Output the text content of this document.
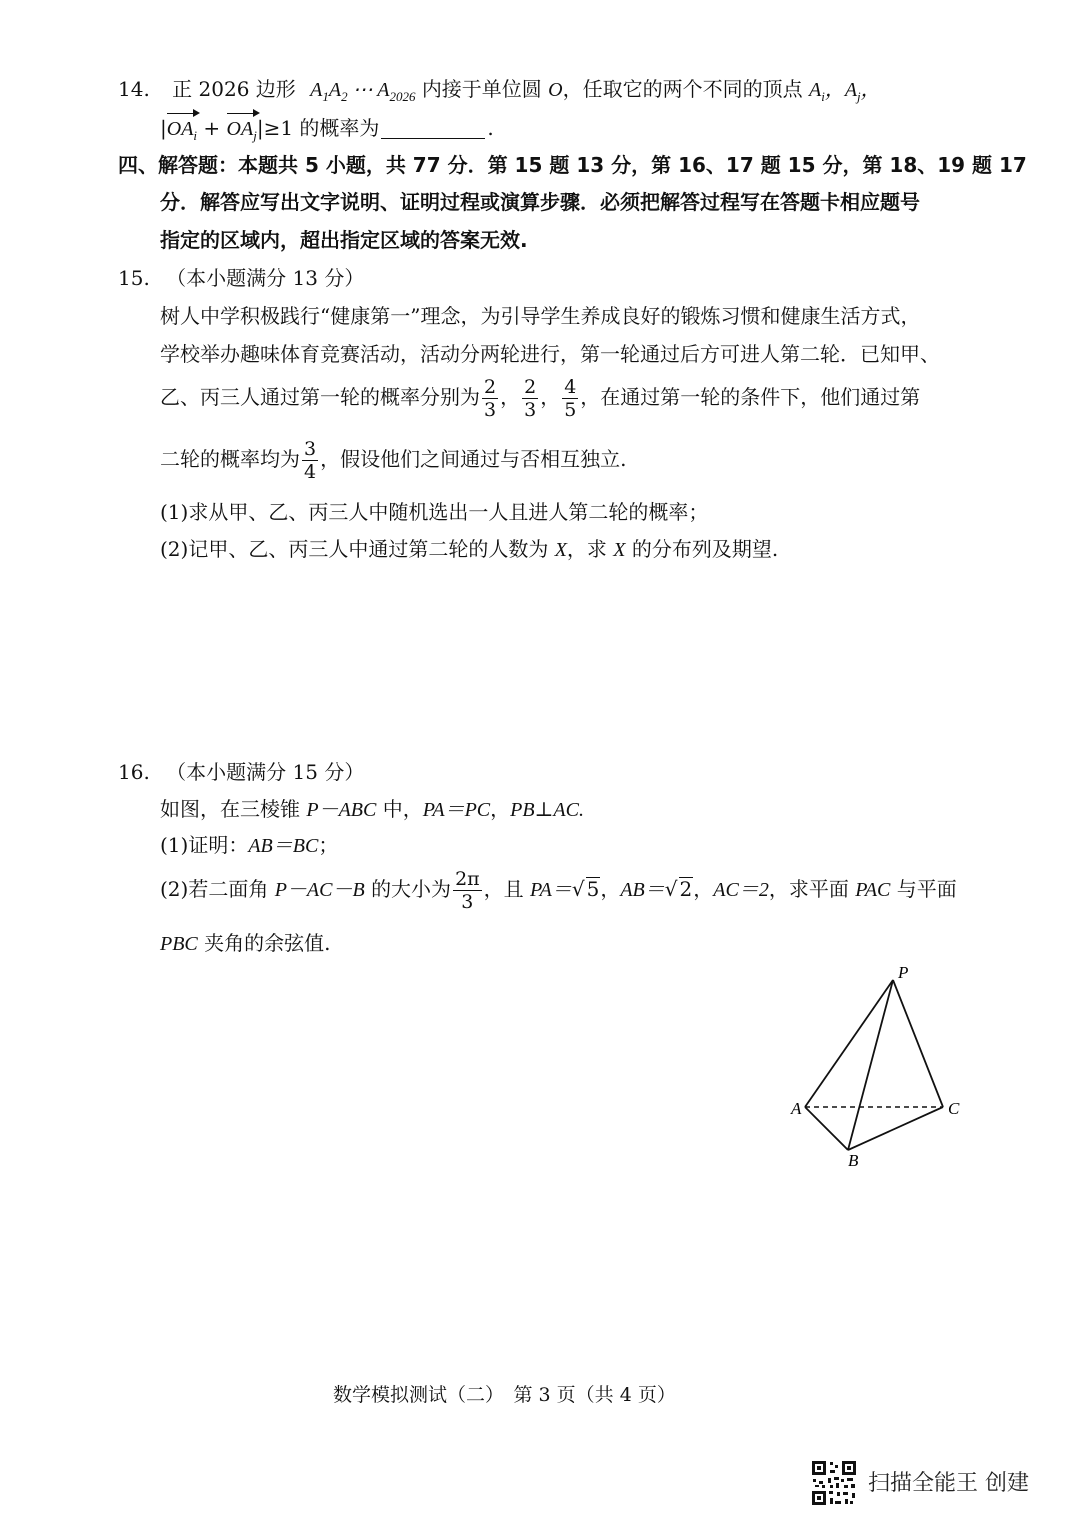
14. 正 2026 边形 $A_1A_2$ ⋯ $A_{2026}$ 内接于单位圆 O，任取它的两个不同的顶点 $A_i$，$A_j$，
$|OA_i + OA_j|\ge 1$ 的概率为	.
四、解答题：本题共 5 小题，共 77 分．第 15 题 13 分，第 16、17 题 15 分，第 18、19 题 17
分．解答应写出文字说明、证明过程或演算步骤．必须把解答过程写在答题卡相应题号
指定的区域内，超出指定区域的答案无效.
15. （本小题满分 13 分）
树人中学积极践行“健康第一”理念，为引导学生养成良好的锻炼习惯和健康生活方式，
学校举办趣味体育竞赛活动，活动分两轮进行，第一轮通过后方可进人第二轮．已知甲、
乙、丙三人通过第一轮的概率分别为 $\frac{2}{3}$ ， $\frac{2}{3}$ ， $\frac{4}{5}$ ，在通过第一轮的条件下，他们通过第
二轮的概率均为 $\frac{3}{4}$ ，假设他们之间通过与否相互独立.
(1)求从甲、乙、丙三人中随机选出一人且进人第二轮的概率；
(2)记甲、乙、丙三人中通过第二轮的人数为 X，求 X 的分布列及期望.
16. （本小题满分 15 分）
如图，在三棱锥 P－ABC 中，PA＝PC，PB⊥AC.
(1)证明：AB＝BC；
(2)若二面角 P－AC－B 的大小为 $\frac{2\pi}{3}$ ，且 PA＝√ 5，AB＝√ 2，AC＝2，求平面 PAC 与平面
PBC 夹角的余弦值.
P
A	C
B
数学模拟测试（二）　第 3 页（共 4 页）
扫描全能王 创建
